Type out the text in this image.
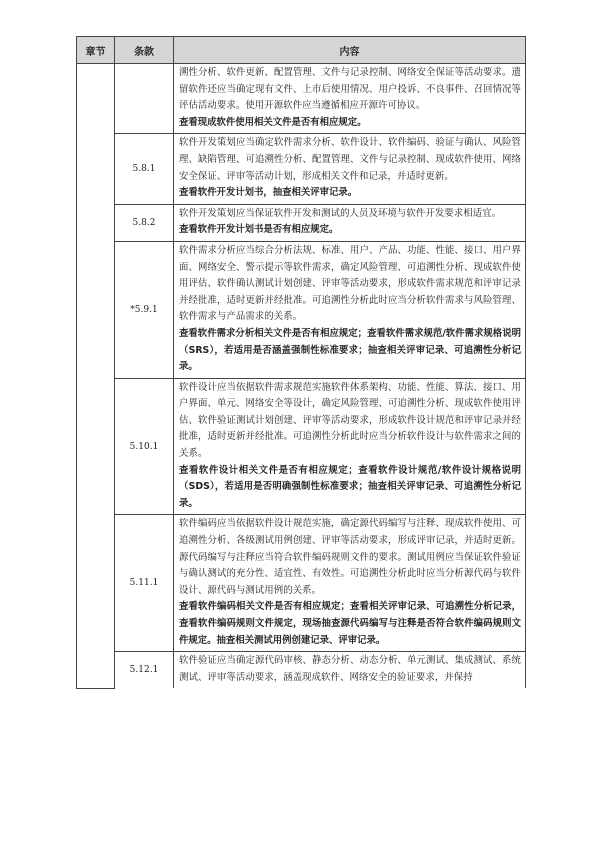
章节	条款	内容

		溯性分析、软件更新、配置管理、文件与记录控制、网络安全保证等活动要求。遗留软件还应当确定现有文件、上市后使用情况、用户投诉、不良事件、召回情况等评估活动要求。使用开源软件应当遵循相应开源许可协议。
查看现成软件使用相关文件是否有相应规定。

	5.8.1	软件开发策划应当确定软件需求分析、软件设计、软件编码、验证与确认、风险管理、缺陷管理、可追溯性分析、配置管理、文件与记录控制、现成软件使用、网络安全保证、评审等活动计划，形成相关文件和记录，并适时更新。
查看软件开发计划书，抽查相关评审记录。

	5.8.2	软件开发策划应当保证软件开发和测试的人员及环境与软件开发要求相适宜。
查看软件开发计划书是否有相应规定。

	*5.9.1	软件需求分析应当综合分析法规、标准、用户、产品、功能、性能、接口、用户界面、网络安全、警示提示等软件需求，确定风险管理、可追溯性分析、现成软件使用评估、软件确认测试计划创建、评审等活动要求，形成软件需求规范和评审记录并经批准，适时更新并经批准。可追溯性分析此时应当分析软件需求与风险管理、软件需求与产品需求的关系。
查看软件需求分析相关文件是否有相应规定；查看软件需求规范/软件需求规格说明（SRS），若适用是否涵盖强制性标准要求；抽查相关评审记录、可追溯性分析记录。

	5.10.1	软件设计应当依据软件需求规范实施软件体系架构、功能、性能、算法、接口、用户界面、单元、网络安全等设计，确定风险管理、可追溯性分析、现成软件使用评估、软件验证测试计划创建、评审等活动要求，形成软件设计规范和评审记录并经批准，适时更新并经批准。可追溯性分析此时应当分析软件设计与软件需求之间的关系。
查看软件设计相关文件是否有相应规定；查看软件设计规范/软件设计规格说明（SDS），若适用是否明确强制性标准要求；抽查相关评审记录、可追溯性分析记录。

	5.11.1	软件编码应当依据软件设计规范实施，确定源代码编写与注释、现成软件使用、可追溯性分析、各级测试用例创建、评审等活动要求，形成评审记录，并适时更新。源代码编写与注释应当符合软件编码规则文件的要求。测试用例应当保证软件验证与确认测试的充分性、适宜性、有效性。可追溯性分析此时应当分析源代码与软件设计、源代码与测试用例的关系。
查看软件编码相关文件是否有相应规定；查看相关评审记录、可追溯性分析记录，查看软件编码规则文件规定，现场抽查源代码编写与注释是否符合软件编码规则文件规定。抽查相关测试用例创建记录、评审记录。

	5.12.1	软件验证应当确定源代码审核、静态分析、动态分析、单元测试、集成测试、系统测试、评审等活动要求，涵盖现成软件、网络安全的验证要求，并保持
